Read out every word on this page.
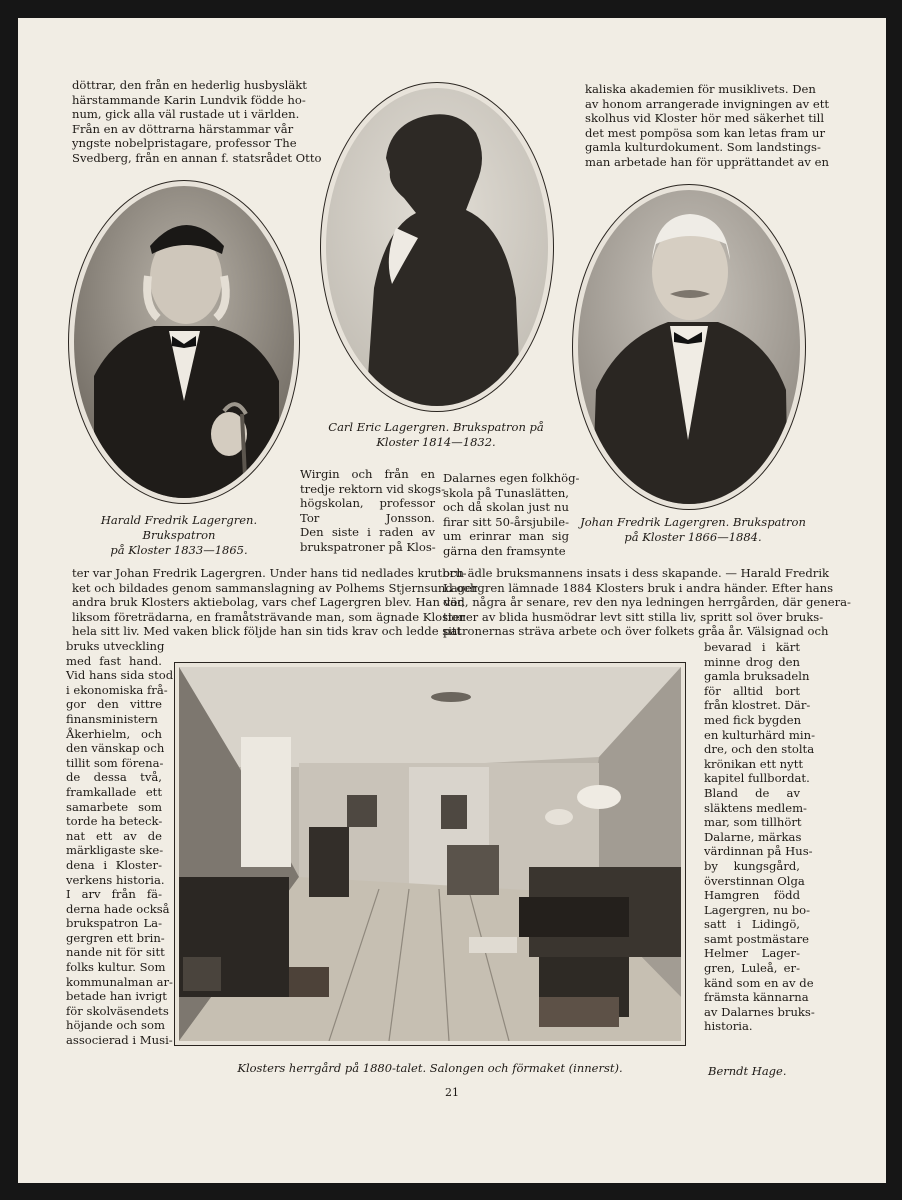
döttrar, den från en hederlig husbysläkt
härstammande Karin Lundvik födde ho-
num, gick alla väl rustade ut i världen.
Från en av döttrarna härstammar vår
yngste nobelpristagare, professor The
Svedberg, från en annan f. statsrådet Otto
kaliska akademien för musiklivets. Den
av honom arrangerade invigningen av ett
skolhus vid Kloster hör med säkerhet till
det mest pompösa som kan letas fram ur
gamla kulturdokument. Som landstings-
man arbetade han för upprättandet av en
Carl Eric Lagergren. Brukspatron på
Kloster 1814—1832.
Harald Fredrik Lagergren. Brukspatron
på Kloster 1833—1865.
Johan Fredrik Lagergren. Brukspatron
på Kloster 1866—1884.
Wirgin och från en
tredje rektorn vid skogs-
högskolan, professor
Tor Jonsson.
Den siste i raden av
brukspatroner på Klos-
Dalarnes egen folkhög-
skola på Tunaslätten,
och då skolan just nu
firar sitt 50-årsjubile-
um erinrar man sig
gärna den framsynte
ter var Johan Fredrik Lagergren. Under hans tid nedlades krutbru-
ket och bildades genom sammanslagning av Polhems Stjernsund och
andra bruk Klosters aktiebolag, vars chef Lagergren blev. Han var,
liksom företrädarna, en framåtsträvande man, som ägnade Kloster
hela sitt liv. Med vaken blick följde han sin tids krav och ledde sitt
och ädle bruksmannens insats i dess skapande. — Harald Fredrik
Lagergren lämnade 1884 Klosters bruk i andra händer. Efter hans
död, några år senare, rev den nya ledningen herrgården, där genera-
tioner av blida husmödrar levt sitt stilla liv, spritt sol över bruks-
patronernas sträva arbete och över folkets gråa år. Välsignad och
bruks utveckling
med fast hand.
Vid hans sida stod
i ekonomiska frå-
gor den vittre
finansministern
Åkerhielm, och
den vänskap och
tillit som förena-
de dessa två,
framkallade ett
samarbete som
torde ha beteck-
nat ett av de
märkligaste ske-
dena i Kloster-
verkens historia.
I arv från fä-
derna hade också
brukspatron La-
gergren ett brin-
nande nit för sitt
folks kultur. Som
kommunalman ar-
betade han ivrigt
för skolväsendets
höjande och som
associerad i Musi-
bevarad i kärt
minne drog den
gamla bruksadeln
för alltid bort
från klostret. Där-
med fick bygden
en kulturhärd min-
dre, och den stolta
krönikan ett nytt
kapitel fullbordat.
Bland de av
släktens medlem-
mar, som tillhört
Dalarne, märkas
värdinnan på Hus-
by kungsgård,
överstinnan Olga
Hamgren född
Lagergren, nu bo-
satt i Lidingö,
samt postmästare
Helmer Lager-
gren, Luleå, er-
känd som en av de
främsta kännarna
av Dalarnes bruks-
historia.
Berndt Hage.
Klosters herrgård på 1880-talet. Salongen och förmaket (innerst).
21
